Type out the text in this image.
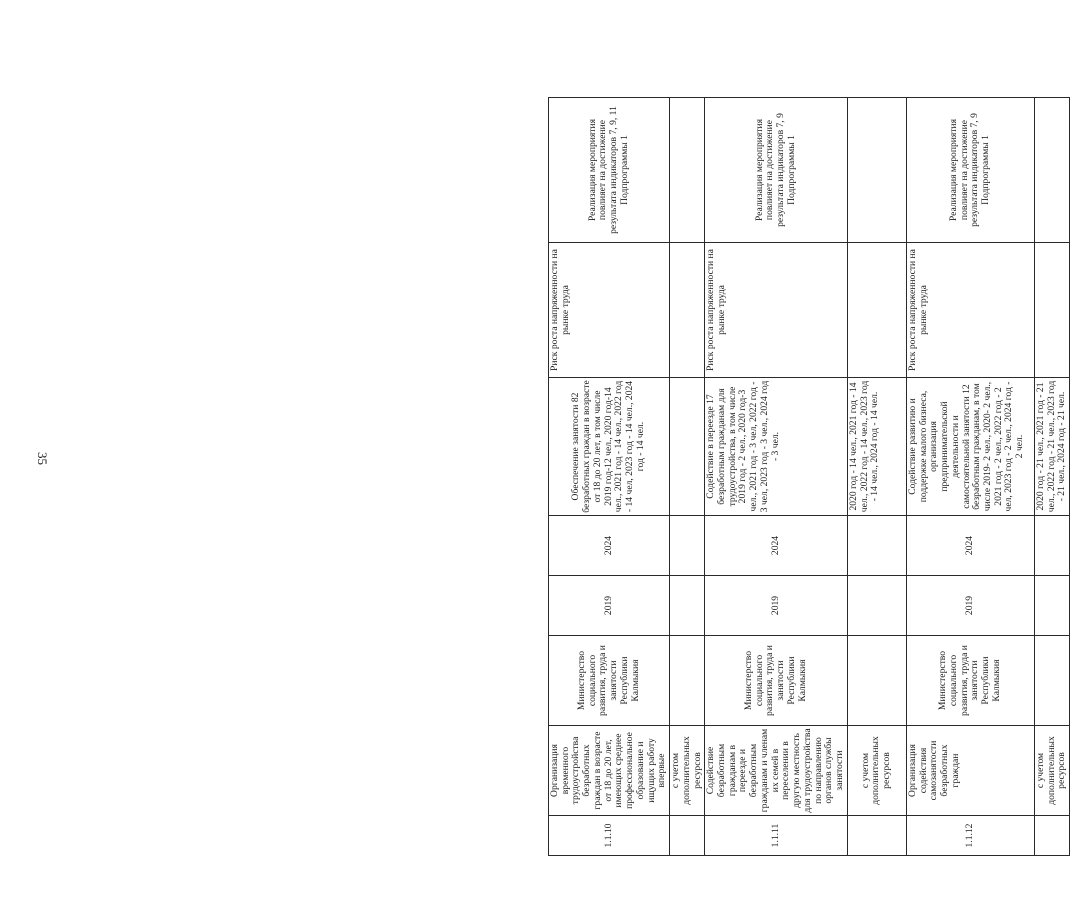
35
1.1.10	Организация временного трудоустройства безработных граждан в возрасте от 18 до 20 лет, имеющих среднее профессиональное образование и ищущих работу впервые	Министерство социального развития, труда и занятости Республики Калмыкия	2019	2024	Обеспечение занятости 82 безработных граждан в возрасте от 18 до 20 лет, в том числе 2019 год-12 чел., 2020 год-14 чел., 2021 год - 14 чел., 2022 год - 14 чел, 2023 год - 14 чел., 2024 год - 14 чел.	Риск роста напряженности на рынке труда	Реализация мероприятия повлияет на достижение результата индикаторов 7, 9, 11 Подпрограммы 1
	с учетом дополнительных ресурсов						
1.1.11	Содействие безработным гражданам в переезде и безработным гражданам и членам их семей в переселении в другую местность для трудоустройства по направлению органов службы занятости	Министерство социального развития, труда и занятости Республики Калмыкия	2019	2024	Содействие в переезде 17 безработным гражданам для трудоустройства, в том числе 2019 год - 2 чел., 2020 год-3 чел., 2021 год - 3 чел, 2022 год - 3 чел, 2023 год - 3 чел., 2024 год - 3 чел.	Риск роста напряженности на рынке труда	Реализация мероприятия повлияет на достижение результата индикаторов 7, 9 Подпрограммы 1
	с учетом дополнительных ресурсов				2020 год - 14 чел., 2021 год - 14 чел., 2022 год - 14 чел., 2023 год - 14 чел., 2024 год - 14 чел.		
1.1.12	Организация содействия самозанятости безработных граждан	Министерство социального развития, труда и занятости Республики Калмыкия	2019	2024	Содействие развитию и поддержке малого бизнеса, организация предпринимательской деятельности и самостоятельной занятости 12 безработным гражданам, в том числе 2019- 2 чел., 2020- 2 чел., 2021 год - 2 чел., 2022 год - 2 чел, 2023 год - 2 чел., 2024 год - 2 чел.	Риск роста напряженности на рынке труда	Реализация мероприятия повлияет на достижение результата индикаторов 7, 9 Подпрограммы 1
	с учетом дополнительных ресурсов				2020 год - 21 чел., 2021 год - 21 чел., 2022 год - 21 чел., 2023 год - 21 чел., 2024 год - 21 чел.		
